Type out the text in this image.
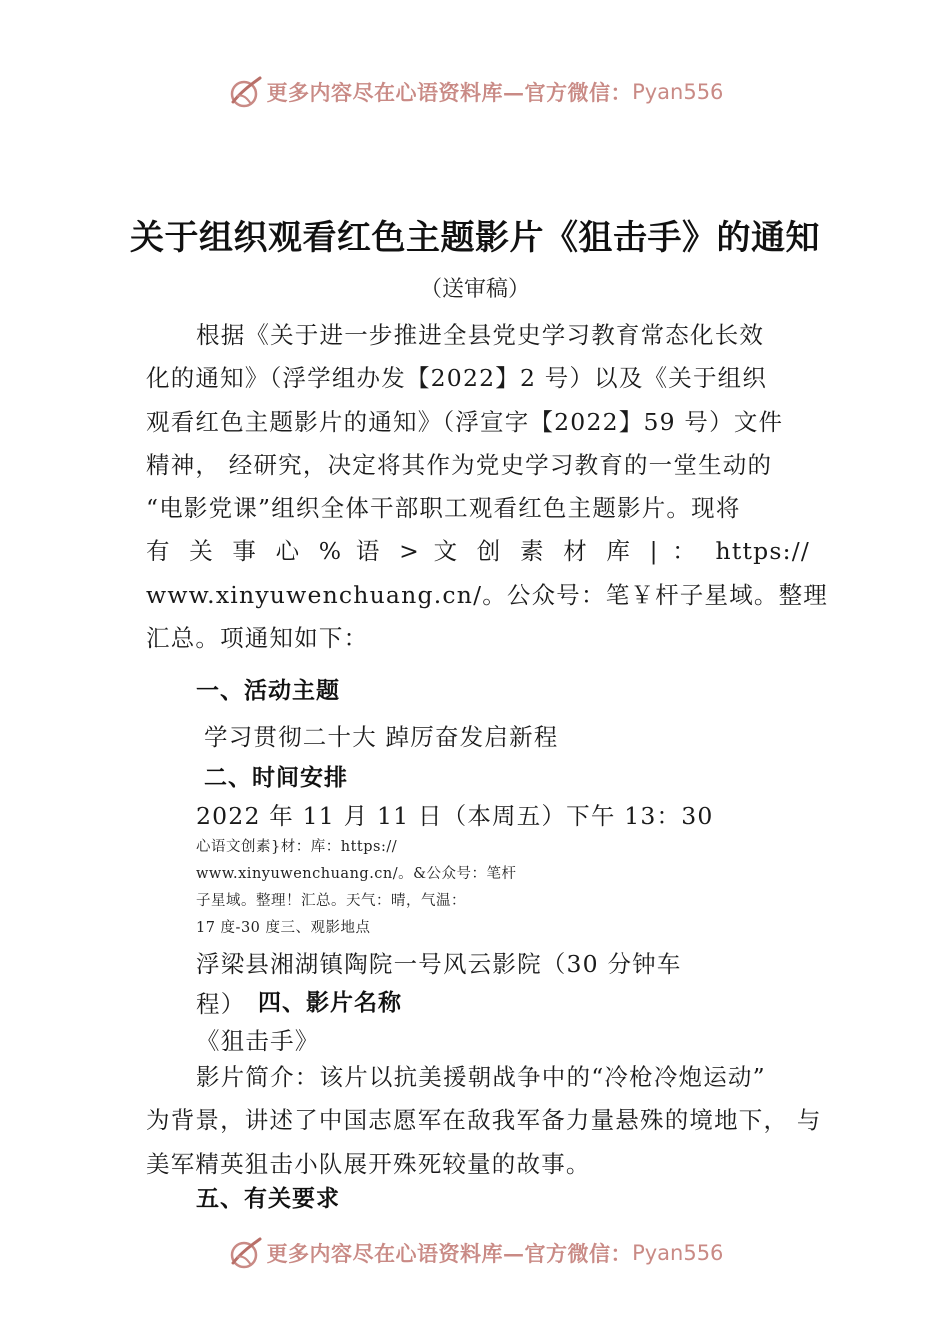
更多内容尽在心语资料库—官方微信： Pyan556
关于组织观看红色主题影片《狙击手》的通知
（送审稿）
根据《关于进一步推进全县党史学习教育常态化长效
化的通知》（浮学组办发【2022】2 号）以及《关于组织
观看红色主题影片的通知》（浮宣字【2022】59 号）文件
精神， 经研究，决定将其作为党史学习教育的一堂生动的
“电影党课”组织全体干部职工观看红色主题影片。现将
有 关 事 心 % 语 > 文 创 素 材 库 | ： https://
www.xinyuwenchuang.cn/。公众号：笔￥杆子星域。整理
汇总。项通知如下：
一、活动主题
学习贯彻二十大 踔厉奋发启新程
二、时间安排
2022 年 11 月 11 日（本周五）下午 13：30
心语文创素}材：库：https://
www.xinyuwenchuang.cn/。&公众号：笔杆
子星域。整理！汇总。天气：晴，气温：
17 度-30 度三、观影地点
浮梁县湘湖镇陶院一号风云影院（30 分钟车
程） 四、影片名称
《狙击手》
影片简介：该片以抗美援朝战争中的“冷枪冷炮运动”
为背景，讲述了中国志愿军在敌我军备力量悬殊的境地下， 与
美军精英狙击小队展开殊死较量的故事。
五、有关要求
更多内容尽在心语资料库—官方微信： Pyan556
